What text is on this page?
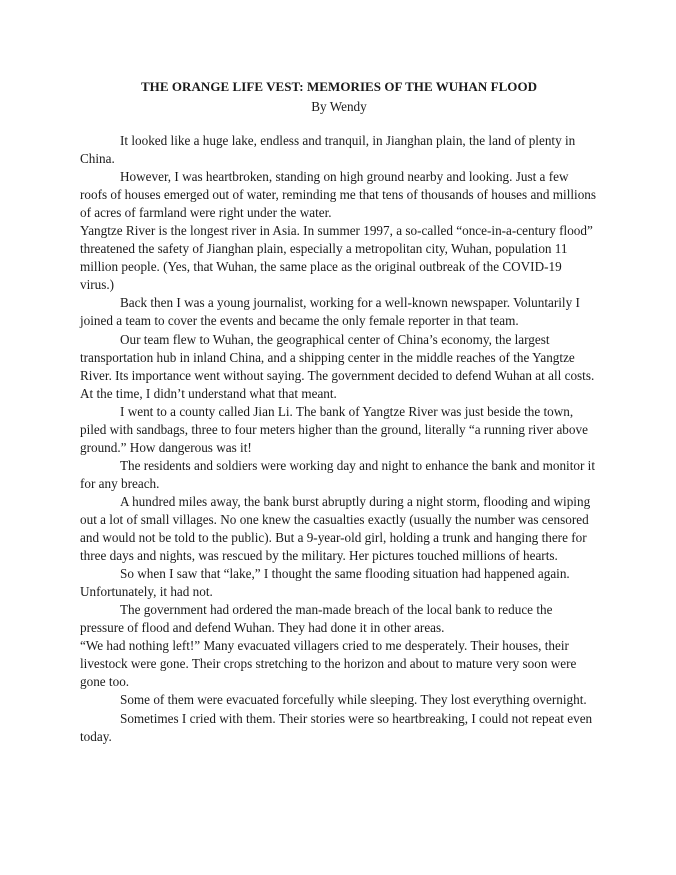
THE ORANGE LIFE VEST: MEMORIES OF THE WUHAN FLOOD
By Wendy

It looked like a huge lake, endless and tranquil, in Jianghan plain, the land of plenty in China.

However, I was heartbroken, standing on high ground nearby and looking. Just a few roofs of houses emerged out of water, reminding me that tens of thousands of houses and millions of acres of farmland were right under the water.

Yangtze River is the longest river in Asia. In summer 1997, a so-called “once-in-a-century flood” threatened the safety of Jianghan plain, especially a metropolitan city, Wuhan, population 11 million people. (Yes, that Wuhan, the same place as the original outbreak of the COVID-19 virus.)

Back then I was a young journalist, working for a well-known newspaper. Voluntarily I joined a team to cover the events and became the only female reporter in that team.

Our team flew to Wuhan, the geographical center of China’s economy, the largest transportation hub in inland China, and a shipping center in the middle reaches of the Yangtze River. Its importance went without saying. The government decided to defend Wuhan at all costs. At the time, I didn’t understand what that meant.

I went to a county called Jian Li. The bank of Yangtze River was just beside the town, piled with sandbags, three to four meters higher than the ground, literally “a running river above ground.” How dangerous was it!

The residents and soldiers were working day and night to enhance the bank and monitor it for any breach.

A hundred miles away, the bank burst abruptly during a night storm, flooding and wiping out a lot of small villages. No one knew the casualties exactly (usually the number was censored and would not be told to the public). But a 9-year-old girl, holding a trunk and hanging there for three days and nights, was rescued by the military. Her pictures touched millions of hearts.

So when I saw that “lake,” I thought the same flooding situation had happened again. Unfortunately, it had not.

The government had ordered the man-made breach of the local bank to reduce the pressure of flood and defend Wuhan. They had done it in other areas.

“We had nothing left!” Many evacuated villagers cried to me desperately. Their houses, their livestock were gone. Their crops stretching to the horizon and about to mature very soon were gone too.

Some of them were evacuated forcefully while sleeping. They lost everything overnight.

Sometimes I cried with them. Their stories were so heartbreaking, I could not repeat even today.
